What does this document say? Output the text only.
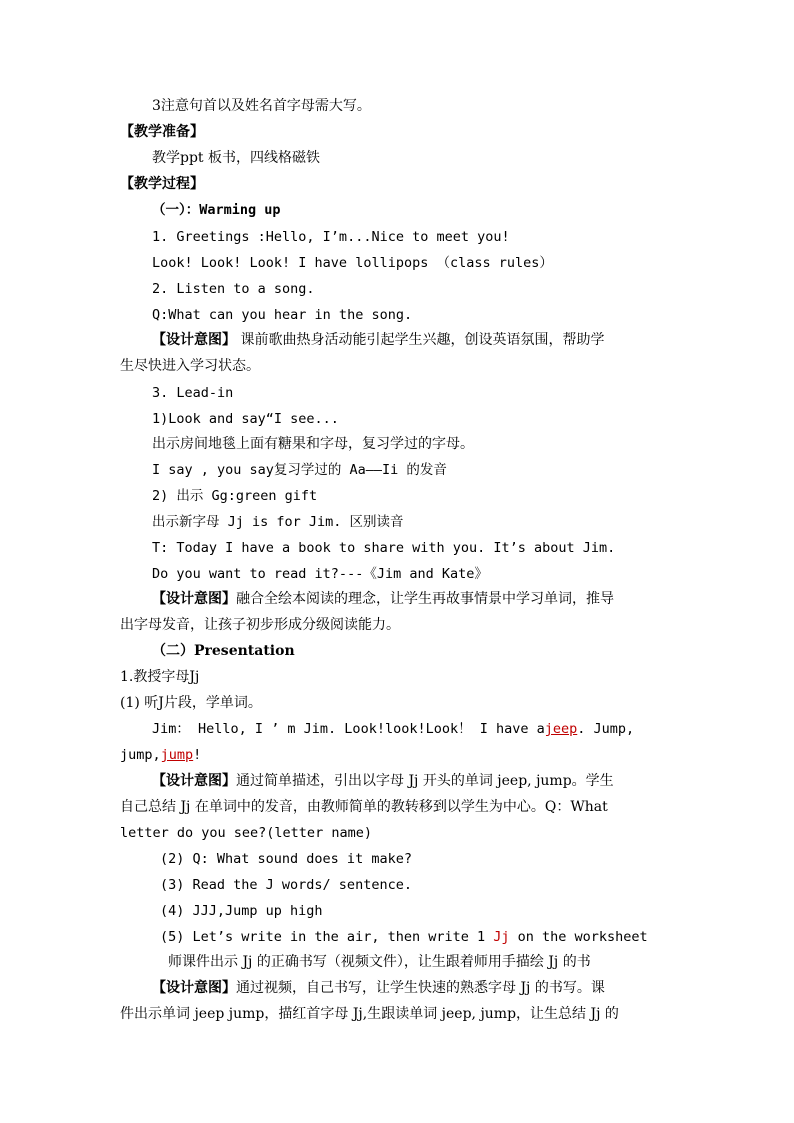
3注意句首以及姓名首字母需大写。
【教学准备】
教学ppt 板书，四线格磁铁
【教学过程】
（一）：Warming up
1. Greetings :Hello, I’m...Nice to meet you!
Look! Look! Look! I have lollipops （class rules）
2. Listen to a song.
Q:What can you hear in the song.
【设计意图】 课前歌曲热身活动能引起学生兴趣，创设英语氛围，帮助学
生尽快进入学习状态。
3. Lead-in
1)Look and say“I see...
出示房间地毯上面有糖果和字母，复习学过的字母。
I say , you say复习学过的 Aa——Ii 的发音
2) 出示 Gg:green gift
出示新字母 Jj is for Jim. 区别读音
T: Today I have a book to share with you. It’s about Jim.
Do you want to read it?---《Jim and Kate》
【设计意图】融合全绘本阅读的理念，让学生再故事情景中学习单词，推导
出字母发音，让孩子初步形成分级阅读能力。
（二）Presentation
1.教授字母Jj
(1) 听J片段，学单词。
Jim： Hello, I ’ m Jim. Look!look!Look！ I have ajeep. Jump,
jump,jump!
【设计意图】通过简单描述，引出以字母 Jj 开头的单词 jeep, jump。学生
自己总结 Jj 在单词中的发音，由教师简单的教转移到以学生为中心。Q：What
letter do you see?(letter name)
(2) Q: What sound does it make?
(3) Read the J words/ sentence.
(4) JJJ,Jump up high
(5) Let’s write in the air, then write 1 Jj on the worksheet
师课件出示 Jj 的正确书写（视频文件），让生跟着师用手描绘 Jj 的书
【设计意图】通过视频，自己书写，让学生快速的熟悉字母 Jj 的书写。课
件出示单词 jeep jump，描红首字母 Jj,生跟读单词 jeep, jump，让生总结 Jj 的
